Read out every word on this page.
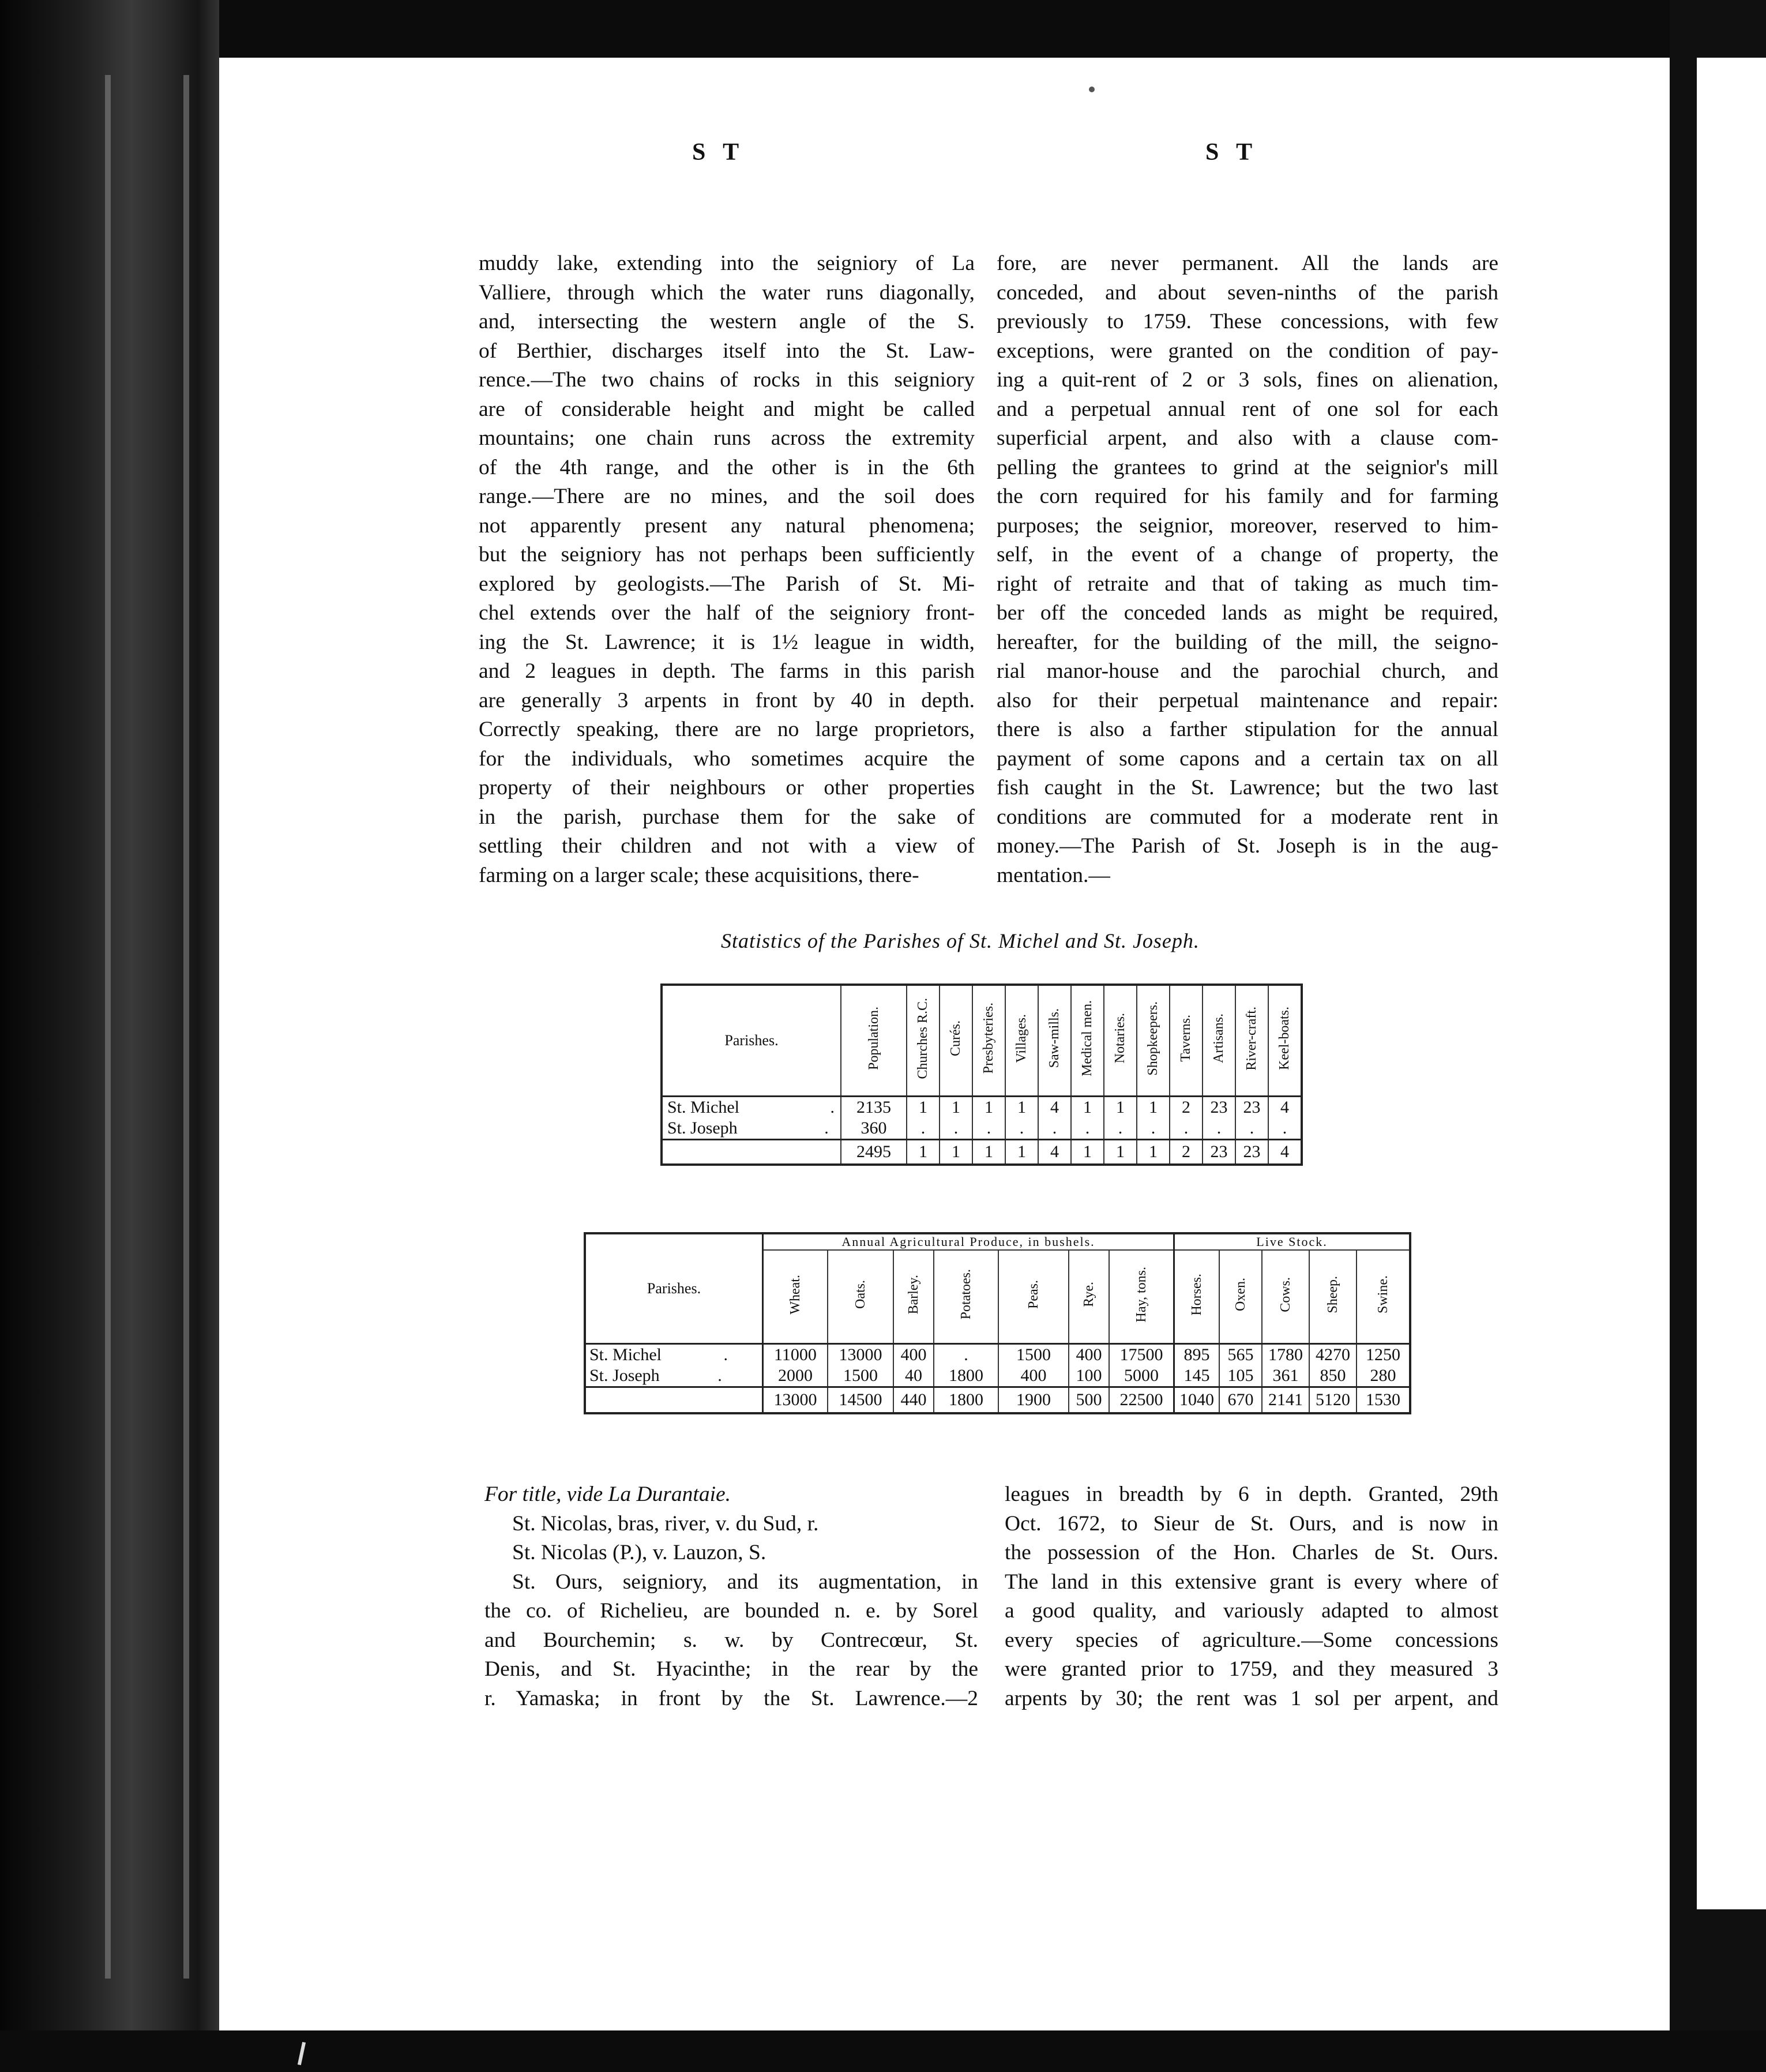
S T	S T

muddy lake, extending into the seigniory of La

Valliere, through which the water runs diagonally,

and, intersecting the western angle of the S.

of Berthier, discharges itself into the St. Law-

rence.—The two chains of rocks in this seigniory

are of considerable height and might be called

mountains; one chain runs across the extremity

of the 4th range, and the other is in the 6th

range.—There are no mines, and the soil does

not apparently present any natural phenomena;

but the seigniory has not perhaps been sufficiently

explored by geologists.—The Parish of St. Mi-

chel extends over the half of the seigniory front-

ing the St. Lawrence; it is 1½ league in width,

and 2 leagues in depth. The farms in this parish

are generally 3 arpents in front by 40 in depth.

Correctly speaking, there are no large proprietors,

for the individuals, who sometimes acquire the

property of their neighbours or other properties

in the parish, purchase them for the sake of

settling their children and not with a view of

farming on a larger scale; these acquisitions, there-

fore, are never permanent. All the lands are

conceded, and about seven-ninths of the parish

previously to 1759. These concessions, with few

exceptions, were granted on the condition of pay-

ing a quit-rent of 2 or 3 sols, fines on alienation,

and a perpetual annual rent of one sol for each

superficial arpent, and also with a clause com-

pelling the grantees to grind at the seignior's mill

the corn required for his family and for farming

purposes; the seignior, moreover, reserved to him-

self, in the event of a change of property, the

right of retraite and that of taking as much tim-

ber off the conceded lands as might be required,

hereafter, for the building of the mill, the seigno-

rial manor-house and the parochial church, and

also for their perpetual maintenance and repair:

there is also a farther stipulation for the annual

payment of some capons and a certain tax on all

fish caught in the St. Lawrence; but the two last

conditions are commuted for a moderate rent in

money.—The Parish of St. Joseph is in the aug-

mentation.—

Statistics of the Parishes of St. Michel and St. Joseph.
Parishes.	Population.	Churches R.C.	Curés.	Presbyteries.	Villages.	Saw-mills.	Medical men.	Notaries.	Shopkeepers.	Taverns.	Artisans.	River-craft.	Keel-boats.
St. Michel .	2135	1	1	1	1	4	1	1	1	2	23	23	4
St. Joseph .	360	.	.	.	.	.	.	.	.	.	.	.	.
	2495	1	1	1	1	4	1	1	1	2	23	23	4
Parishes.	Annual Agricultural Produce, in bushels.							Live Stock.				
	Wheat.	Oats.	Barley.	Potatoes.	Peas.	Rye.	Hay, tons.	Horses.	Oxen.	Cows.	Sheep.	Swine.
St. Michel .	11000	13000	400	.	1500	400	17500	895	565	1780	4270	1250
St. Joseph .	2000	1500	40	1800	400	100	5000	145	105	361	850	280
	13000	14500	440	1800	1900	500	22500	1040	670	2141	5120	1530

For title, vide La Durantaie.

St. Nicolas, bras, river, v. du Sud, r.

St. Nicolas (P.), v. Lauzon, S.

St. Ours, seigniory, and its augmentation, in

the co. of Richelieu, are bounded n. e. by Sorel

and Bourchemin; s. w. by Contrecœur, St.

Denis, and St. Hyacinthe; in the rear by the

r. Yamaska; in front by the St. Lawrence.—2

leagues in breadth by 6 in depth. Granted, 29th

Oct. 1672, to Sieur de St. Ours, and is now in

the possession of the Hon. Charles de St. Ours.

The land in this extensive grant is every where of

a good quality, and variously adapted to almost

every species of agriculture.—Some concessions

were granted prior to 1759, and they measured 3

arpents by 30; the rent was 1 sol per arpent, and
